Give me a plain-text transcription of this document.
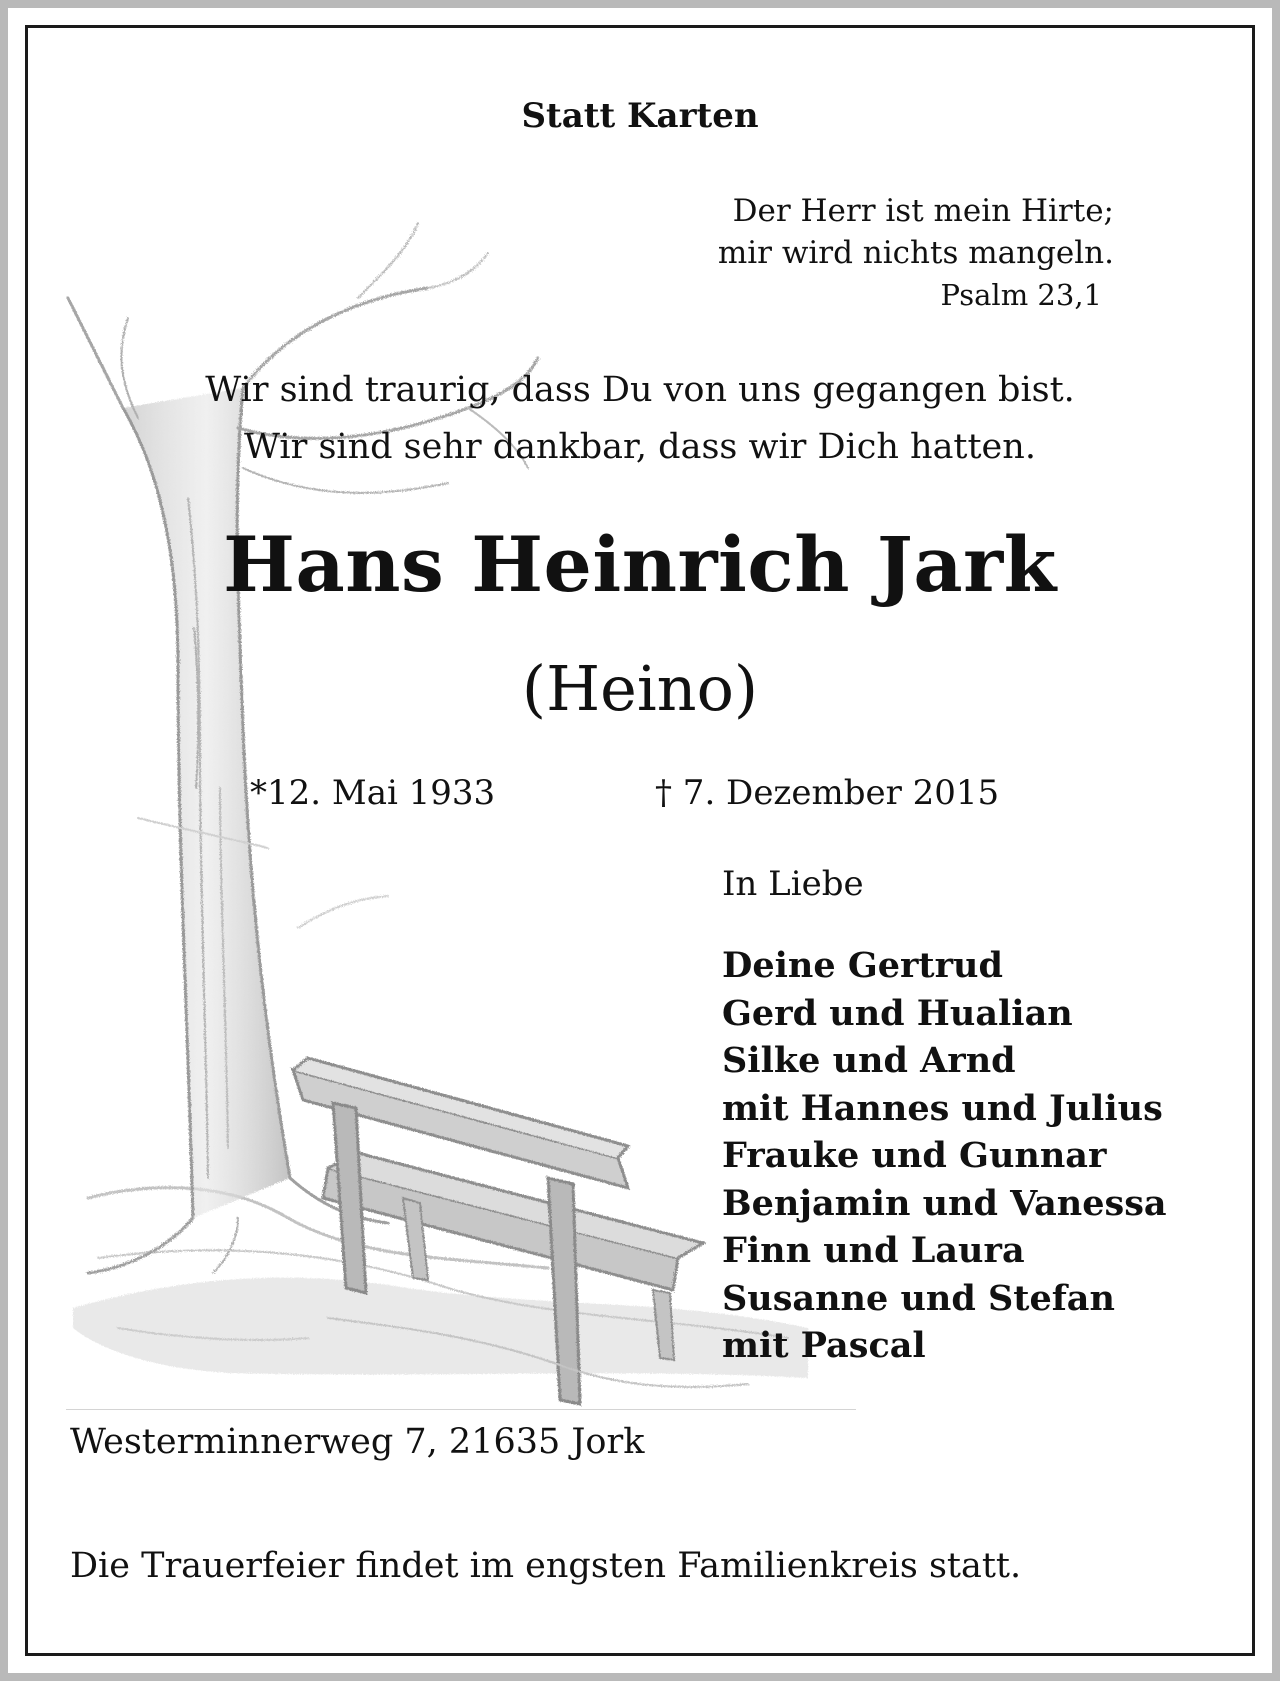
Statt Karten
Der Herr ist mein Hirte;
mir wird nichts mangeln.
Psalm 23,1
Wir sind traurig, dass Du von uns gegangen bist.
Wir sind sehr dankbar, dass wir Dich hatten.
Hans Heinrich Jark
(Heino)
*12. Mai 1933	† 7. Dezember 2015
In Liebe
Deine Gertrud
Gerd und Hualian
Silke und Arnd
mit Hannes und Julius
Frauke und Gunnar
Benjamin und Vanessa
Finn und Laura
Susanne und Stefan
mit Pascal
Westerminnerweg 7, 21635 Jork
Die Trauerfeier findet im engsten Familienkreis statt.
